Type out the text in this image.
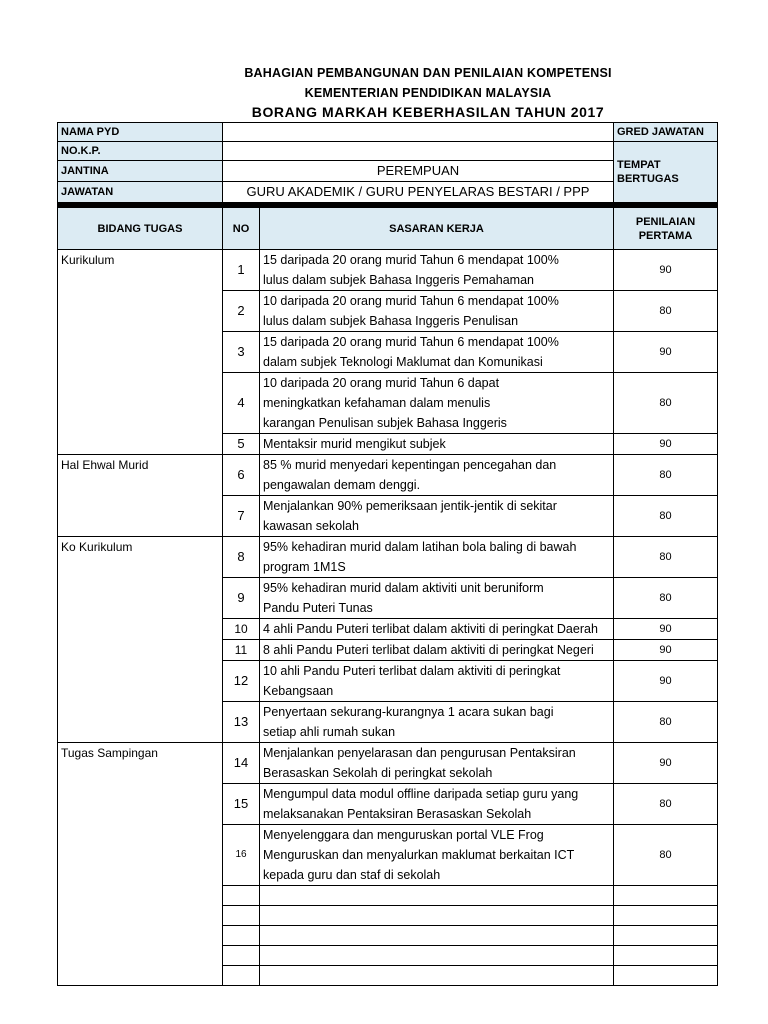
BAHAGIAN PEMBANGUNAN DAN PENILAIAN KOMPETENSI
KEMENTERIAN PENDIDIKAN MALAYSIA
BORANG MARKAH KEBERHASILAN TAHUN 2017
NAMA PYD			GRED JAWATAN
NO.K.P.			TEMPAT BERTUGAS
JANTINA	PEREMPUAN		
JAWATAN	GURU AKADEMIK / GURU PENYELARAS BESTARI / PPP		

BIDANG TUGAS	NO	SASARAN KERJA	PENILAIAN PERTAMA
Kurikulum	1	15 daripada 20 orang murid Tahun 6 mendapat 100%
lulus dalam subjek Bahasa Inggeris Pemahaman	90
	2	10 daripada 20 orang murid Tahun 6 mendapat 100%
lulus dalam subjek Bahasa Inggeris Penulisan	80
	3	15 daripada 20 orang murid Tahun 6 mendapat 100%
dalam subjek Teknologi Maklumat dan Komunikasi	90
	4	10 daripada 20 orang murid Tahun 6 dapat
meningkatkan kefahaman dalam menulis
karangan Penulisan subjek Bahasa Inggeris	80
	5	Mentaksir murid mengikut subjek	90
Hal Ehwal Murid	6	85 % murid menyedari kepentingan pencegahan dan
pengawalan demam denggi.	80
	7	Menjalankan 90% pemeriksaan jentik-jentik di sekitar
kawasan sekolah	80
Ko Kurikulum	8	95% kehadiran murid dalam latihan bola baling di bawah
program 1M1S	80
	9	95% kehadiran murid dalam aktiviti unit beruniform
Pandu Puteri Tunas	80
	10	4 ahli Pandu Puteri terlibat dalam aktiviti di peringkat Daerah	90
	11	8 ahli Pandu Puteri terlibat dalam aktiviti di peringkat Negeri	90
	12	10 ahli Pandu Puteri terlibat dalam aktiviti di peringkat
Kebangsaan	90
	13	Penyertaan sekurang-kurangnya 1 acara sukan bagi
setiap ahli rumah sukan	80
Tugas Sampingan	14	Menjalankan penyelarasan dan pengurusan Pentaksiran
Berasaskan Sekolah di peringkat sekolah	90
	15	Mengumpul data modul offline daripada setiap guru yang
melaksanakan Pentaksiran Berasaskan Sekolah	80
	16	Menyelenggara dan menguruskan portal VLE Frog
Menguruskan dan menyalurkan maklumat berkaitan ICT
kepada guru dan staf di sekolah	80
